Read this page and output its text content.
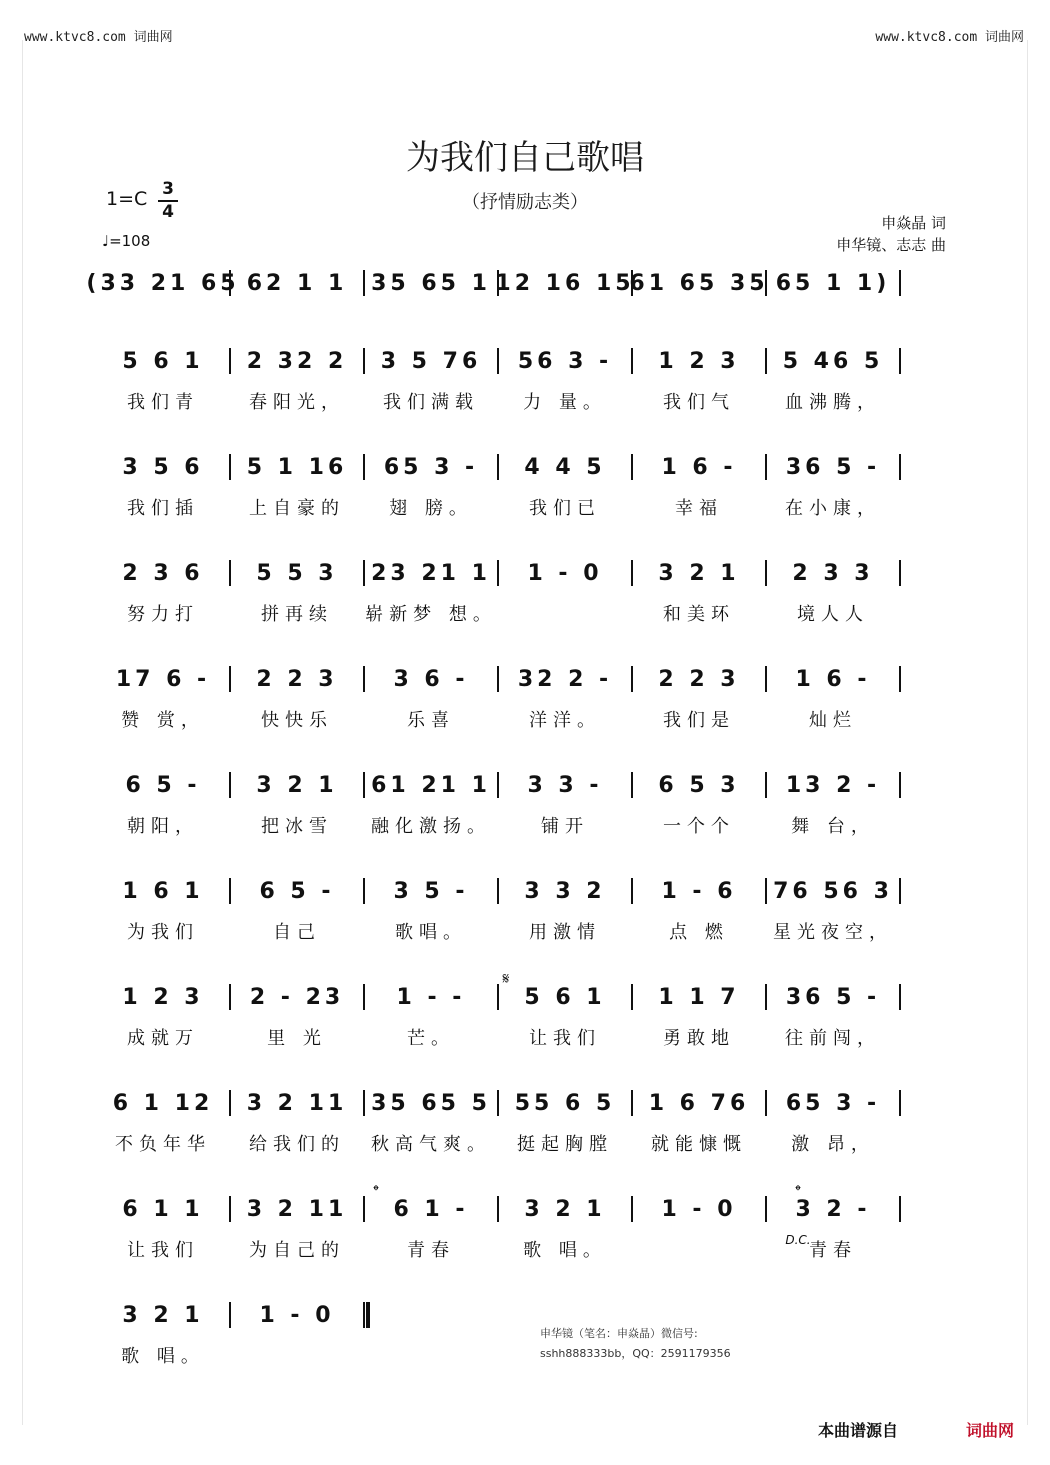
www.ktvc8.com 词曲网	www.ktvc8.com 词曲网
为我们自己歌唱
（抒情励志类）
1=C 3
4
♩=108
申焱晶 词
申华镜、志志 曲
(33 21 65 62 1 1 35 65 1 12 16 15
61 65 35 65 1 1)
5 6 1
我们青
2 32 2
春阳光，
3 5 76
我们满载
56 3 -
力 量。
1 2 3
我们气
5 46 5
血沸腾，
3 5 6
我们插
5 1 16
上自豪的
65 3 -
翅 膀。
4 4 5
我们已
1 6 -
幸福
36 5 -
在小康，
2 3 6
努力打
5 5 3
拼再续
23 21 1
崭新梦 想。
1 - 0	3 2 1
和美环
2 3 3
境人人
17 6 -
赞 赏，
2 2 3
快快乐
3 6 -
乐喜
32 2 -
洋洋。
2 2 3
我们是
1 6 -
灿烂
6 5 -
朝阳，
3 2 1
把冰雪
61 21 1
融化激扬。
3 3 -
铺开
6 5 3
一个个
13 2 -
舞 台，
1 6 1
为我们
6 5 -
自己
3 5 -
歌唱。
3 3 2
用激情
1 - 6
点 燃
76 56 3
星光夜空，
1 2 3
成就万
2 - 23
里 光
1 - -
芒。
5 6 1
让我们
1 1 7
勇敢地
36 5 -
往前闯，
6 1 12
不负年华
3 2 11
给我们的
35 65 5
秋高气爽。
55 6 5
挺起胸膛
1 6 76
就能慷慨
65 3 -
激 昂，
6 1 1
让我们
3 2 11
为自己的
6 1 -
青春
3 2 1
歌 唱。
1 - 0	3 2 -
青春
3 2 1
歌 唱。
1 - 0
𝄋
𝄌	𝄌
D.C.
申华镜（笔名：申焱晶）微信号:
sshh888333bb，QQ：2591179356
本曲谱源自	词曲网
